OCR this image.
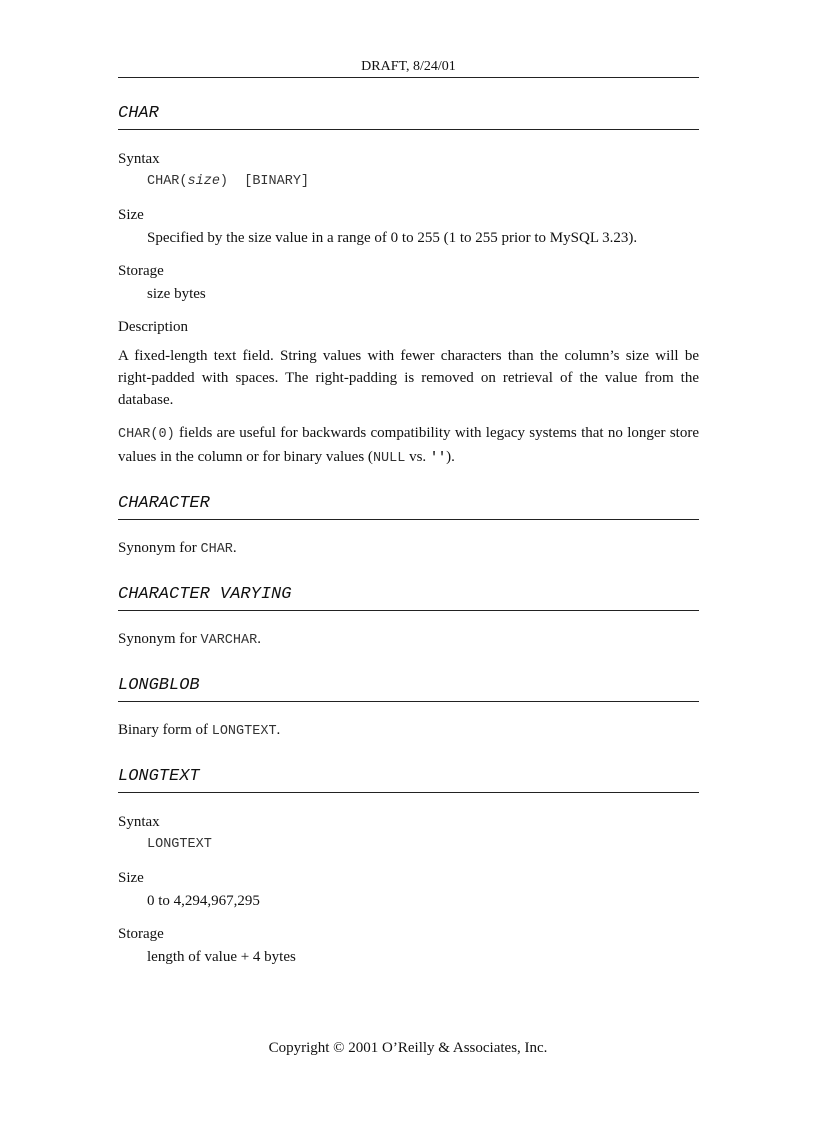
DRAFT, 8/24/01
CHAR

Syntax

CHAR(size)  [BINARY]

Size

Specified by the size value in a range of 0 to 255 (1 to 255 prior to MySQL 3.23).

Storage

size bytes

Description

A fixed-length text field. String values with fewer characters than the column’s size will be right-padded with spaces. The right-padding is removed on retrieval of the value from the database.

CHAR(0) fields are useful for backwards compatibility with legacy systems that no longer store values in the column or for binary values (NULL vs. '').

CHARACTER

Synonym for CHAR.

CHARACTER VARYING

Synonym for VARCHAR.

LONGBLOB

Binary form of LONGTEXT.

LONGTEXT

Syntax

LONGTEXT

Size

0 to 4,294,967,295

Storage

length of value + 4 bytes

Copyright © 2001 O’Reilly & Associates, Inc.
